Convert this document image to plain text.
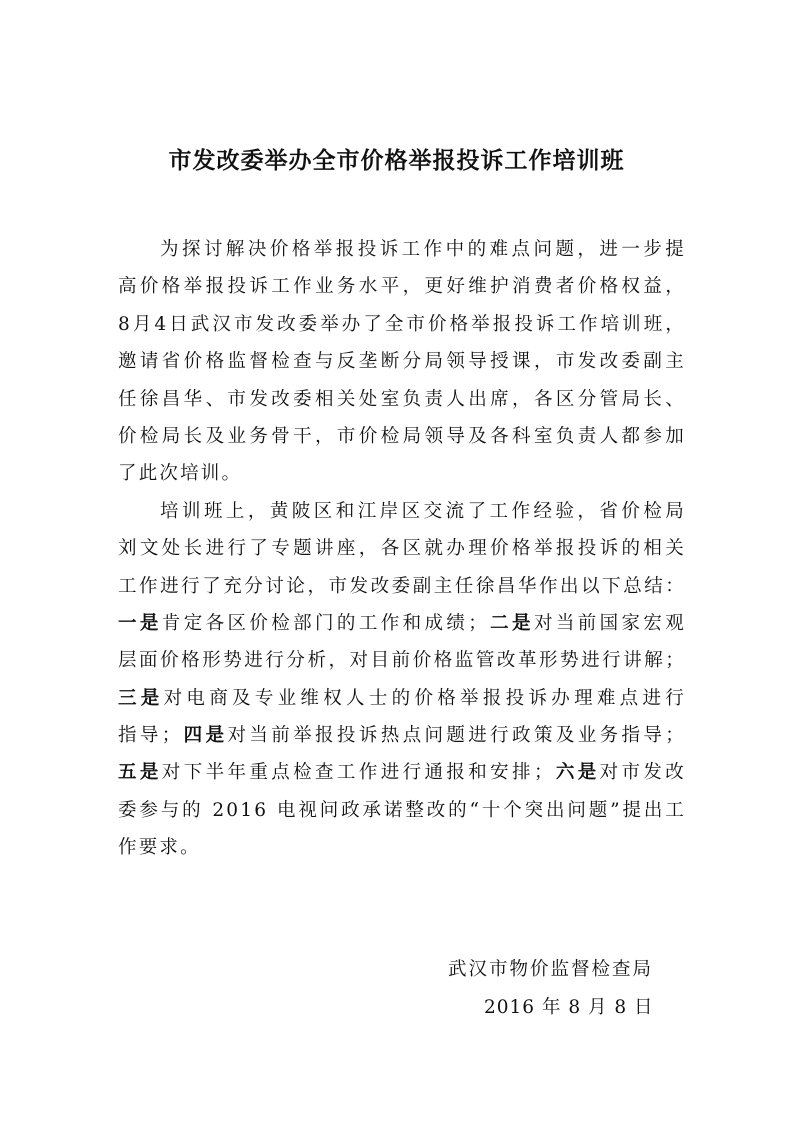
市发改委举办全市价格举报投诉工作培训班
为探讨解决价格举报投诉工作中的难点问题，进一步提
高价格举报投诉工作业务水平，更好维护消费者价格权益，
8月4日武汉市发改委举办了全市价格举报投诉工作培训班，
邀请省价格监督检查与反垄断分局领导授课，市发改委副主
任徐昌华、市发改委相关处室负责人出席，各区分管局长、
价检局长及业务骨干，市价检局领导及各科室负责人都参加
了此次培训。
培训班上，黄陂区和江岸区交流了工作经验，省价检局
刘文处长进行了专题讲座，各区就办理价格举报投诉的相关
工作进行了充分讨论，市发改委副主任徐昌华作出以下总结：
一是肯定各区价检部门的工作和成绩；二是对当前国家宏观
层面价格形势进行分析，对目前价格监管改革形势进行讲解；
三是对电商及专业维权人士的价格举报投诉办理难点进行
指导；四是对当前举报投诉热点问题进行政策及业务指导；
五是对下半年重点检查工作进行通报和安排；六是对市发改
委参与的 2016 电视问政承诺整改的“十个突出问题”提出工
作要求。
武汉市物价监督检查局
2016 年 8 月 8 日
